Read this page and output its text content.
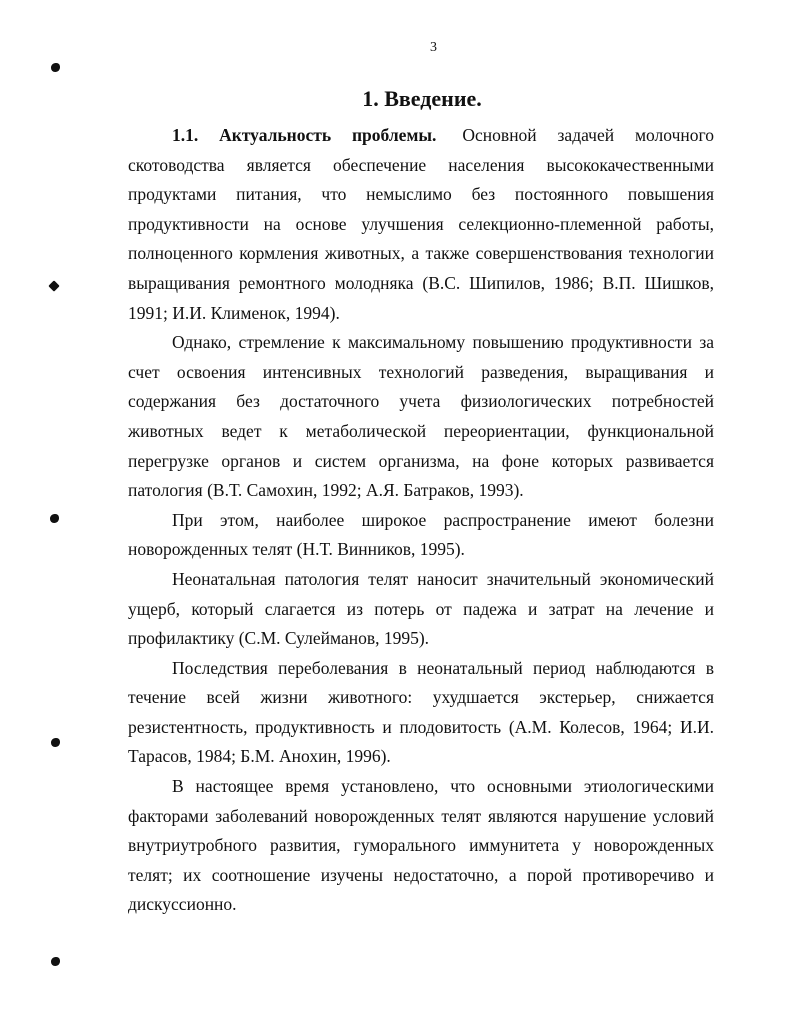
3
1. Введение.

1.1. Актуальность проблемы. Основной задачей молочного скотоводства является обеспечение населения высококачественными продуктами питания, что немыслимо без постоянного повышения продуктивности на основе улучшения селекционно-племенной работы, полноценного кормления животных, а также совершенствования технологии выращивания ремонтного молодняка (В.С. Шипилов, 1986; В.П. Шишков, 1991; И.И. Клименок, 1994).

Однако, стремление к максимальному повышению продуктивности за счет освоения интенсивных технологий разведения, выращивания и содержания без достаточного учета физиологических потребностей животных ведет к метаболической переориентации, функциональной перегрузке органов и систем организма, на фоне которых развивается патология (В.Т. Самохин, 1992; А.Я. Батраков, 1993).

При этом, наиболее широкое распространение имеют болезни новорожденных телят (Н.Т. Винников, 1995).

Неонатальная патология телят наносит значительный экономический ущерб, который слагается из потерь от падежа и затрат на лечение и профилактику (С.М. Сулейманов, 1995).

Последствия переболевания в неонатальный период наблюдаются в течение всей жизни животного: ухудшается экстерьер, снижается резистентность, продуктивность и плодовитость (А.М. Колесов, 1964; И.И. Тарасов, 1984; Б.М. Анохин, 1996).

В настоящее время установлено, что основными этиологическими факторами заболеваний новорожденных телят являются нарушение условий внутриутробного развития, гуморального иммунитета у новорожденных телят; их соотношение изучены недостаточно, а порой противоречиво и дискуссионно.
